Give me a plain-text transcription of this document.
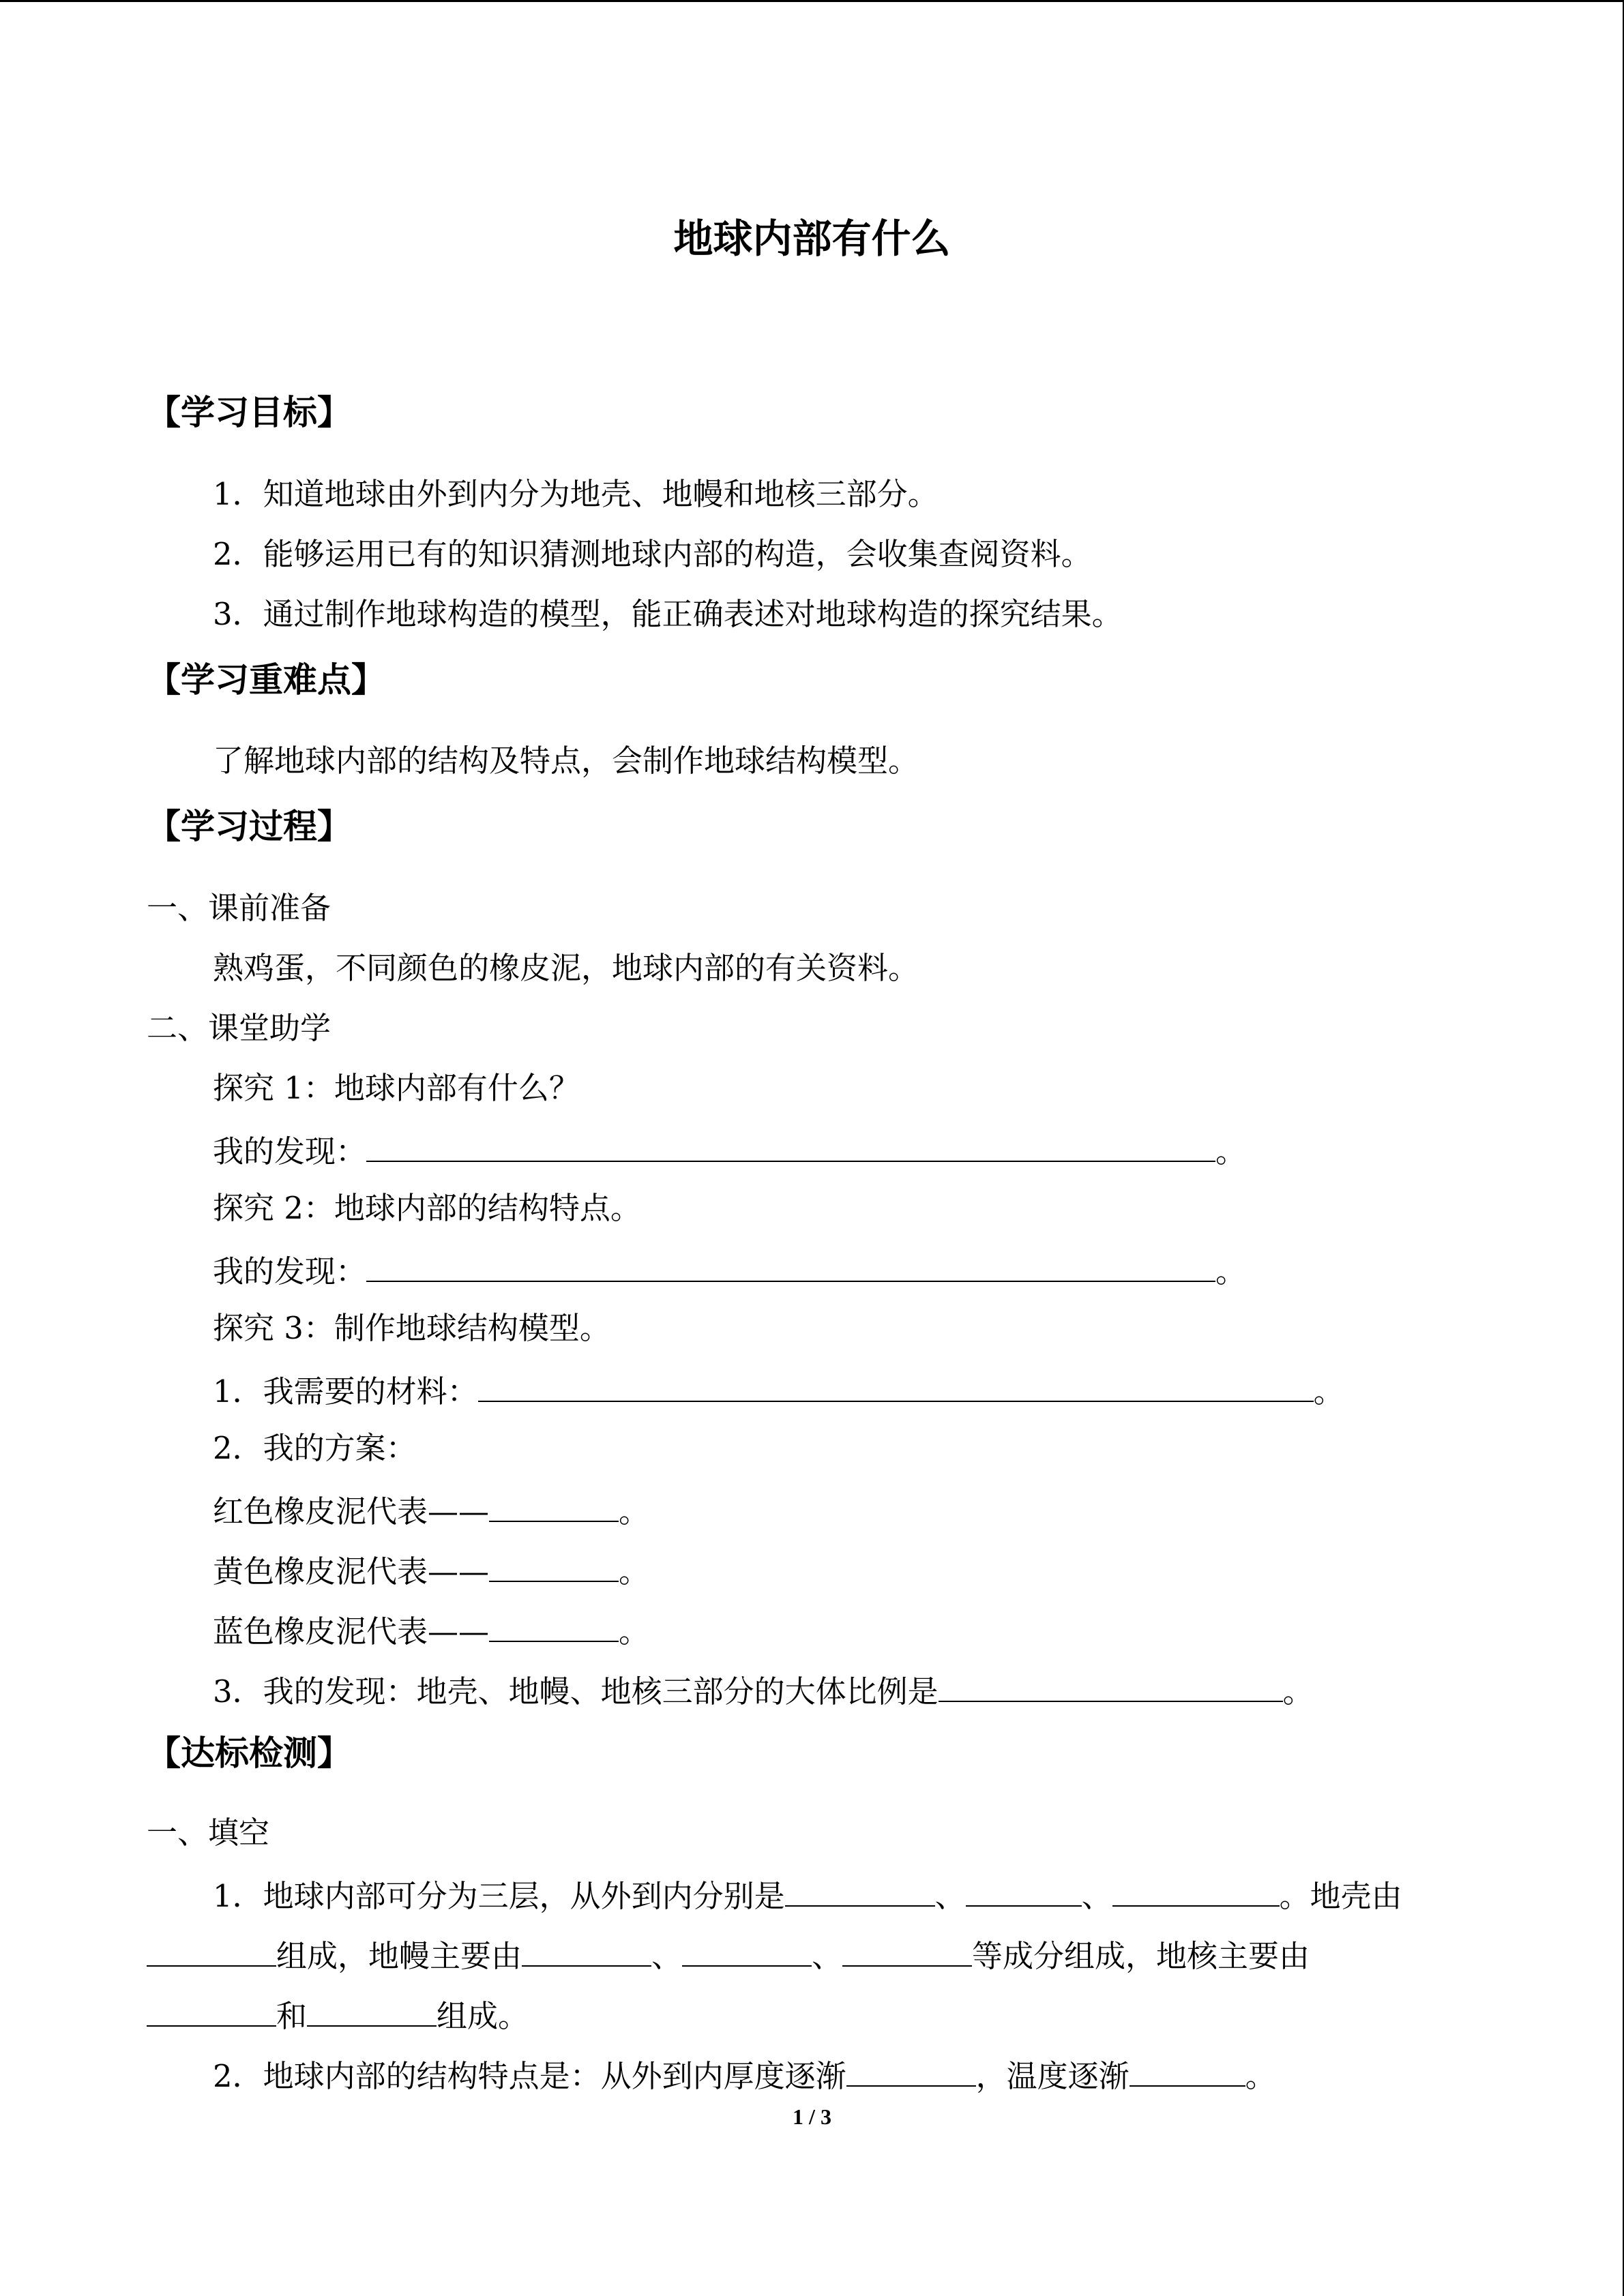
地球内部有什么
【学习目标】
1．知道地球由外到内分为地壳、地幔和地核三部分。
2．能够运用已有的知识猜测地球内部的构造，会收集查阅资料。
3．通过制作地球构造的模型，能正确表述对地球构造的探究结果。
【学习重难点】
了解地球内部的结构及特点，会制作地球结构模型。
【学习过程】
一、课前准备
熟鸡蛋，不同颜色的橡皮泥，地球内部的有关资料。
二、课堂助学
探究 1：地球内部有什么？
我的发现：	。
探究 2：地球内部的结构特点。
我的发现：	。
探究 3：制作地球结构模型。
1．我需要的材料：	。
2．我的方案：
红色橡皮泥代表——	。
黄色橡皮泥代表——	。
蓝色橡皮泥代表——	。
3．我的发现：地壳、地幔、地核三部分的大体比例是	。
【达标检测】
一、填空
1．地球内部可分为三层，从外到内分别是	、	、	。地壳由
组成，地幔主要由	、	、	等成分组成，地核主要由
和	组成。
2．地球内部的结构特点是：从外到内厚度逐渐	，温度逐渐	。
1 / 3
